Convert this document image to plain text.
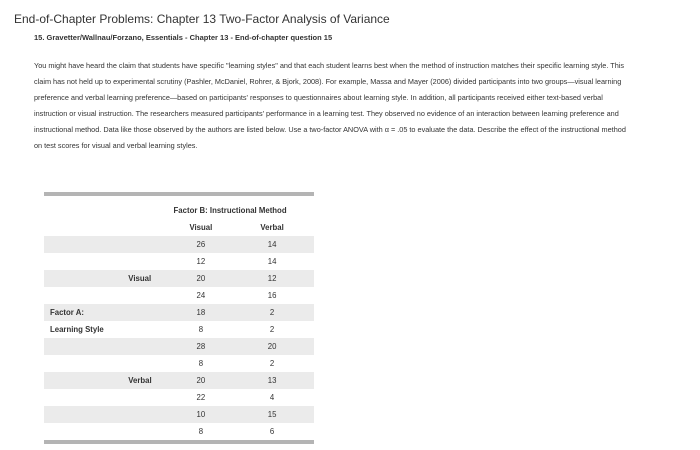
End-of-Chapter Problems: Chapter 13 Two-Factor Analysis of Variance
15. Gravetter/Wallnau/Forzano, Essentials - Chapter 13 - End-of-chapter question 15
You might have heard the claim that students have specific "learning styles" and that each student learns best when the method of instruction matches their specific learning style. This claim has not held up to experimental scrutiny (Pashler, McDaniel, Rohrer, & Bjork, 2008). For example, Massa and Mayer (2006) divided participants into two groups—visual learning preference and verbal learning preference—based on participants' responses to questionnaires about learning style. In addition, all participants received either text-based verbal instruction or visual instruction. The researchers measured participants' performance in a learning test. They observed no evidence of an interaction between learning preference and instructional method. Data like those observed by the authors are listed below. Use a two-factor ANOVA with α = .05 to evaluate the data. Describe the effect of the instructional method on test scores for visual and verbal learning styles.

		Factor B: Instructional Method	
		Visual	Verbal
		26	14
		12	14
	Visual	20	12
		24	16
Factor A:		18	2
Learning Style		8	2
		28	20
		8	2
	Verbal	20	13
		22	4
		10	15
		8	6
